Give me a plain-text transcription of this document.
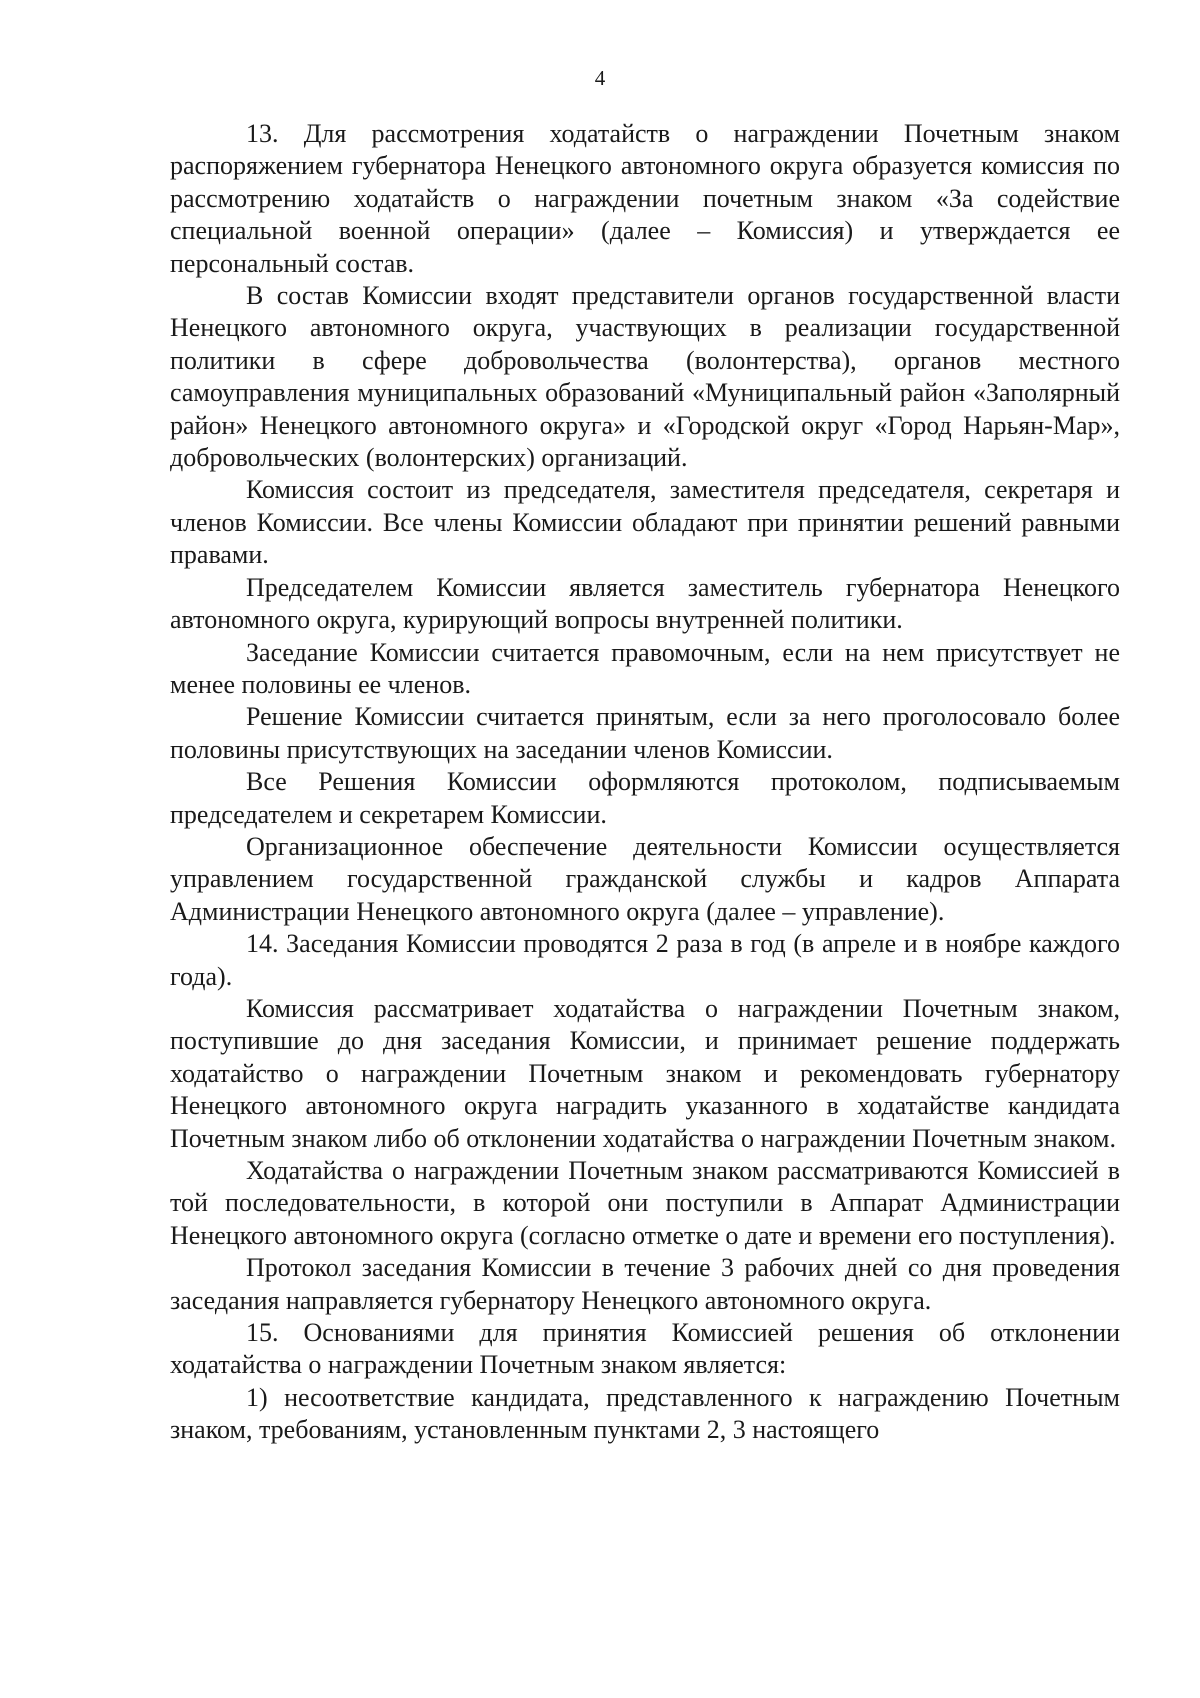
4

13. Для рассмотрения ходатайств о награждении Почетным знаком распоряжением губернатора Ненецкого автономного округа образуется комиссия по рассмотрению ходатайств о награждении почетным знаком «За содействие специальной военной операции» (далее – Комиссия) и утверждается ее персональный состав.

В состав Комиссии входят представители органов государственной власти Ненецкого автономного округа, участвующих в реализации государственной политики в сфере добровольчества (волонтерства), органов местного самоуправления муниципальных образований «Муниципальный район «Заполярный район» Ненецкого автономного округа» и «Городской округ «Город Нарьян-Мар», добровольческих (волонтерских) организаций.

Комиссия состоит из председателя, заместителя председателя, секретаря и членов Комиссии. Все члены Комиссии обладают при принятии решений равными правами.

Председателем Комиссии является заместитель губернатора Ненецкого автономного округа, курирующий вопросы внутренней политики.

Заседание Комиссии считается правомочным, если на нем присутствует не менее половины ее членов.

Решение Комиссии считается принятым, если за него проголосовало более половины присутствующих на заседании членов Комиссии.

Все Решения Комиссии оформляются протоколом, подписываемым председателем и секретарем Комиссии.

Организационное обеспечение деятельности Комиссии осуществляется управлением государственной гражданской службы и кадров Аппарата Администрации Ненецкого автономного округа (далее – управление).

14. Заседания Комиссии проводятся 2 раза в год (в апреле и в ноябре каждого года).

Комиссия рассматривает ходатайства о награждении Почетным знаком, поступившие до дня заседания Комиссии, и принимает решение поддержать ходатайство о награждении Почетным знаком и рекомендовать губернатору Ненецкого автономного округа наградить указанного в ходатайстве кандидата Почетным знаком либо об отклонении ходатайства о награждении Почетным знаком.

Ходатайства о награждении Почетным знаком рассматриваются Комиссией в той последовательности, в которой они поступили в Аппарат Администрации Ненецкого автономного округа (согласно отметке о дате и времени его поступления).

Протокол заседания Комиссии в течение 3 рабочих дней со дня проведения заседания направляется губернатору Ненецкого автономного округа.

15. Основаниями для принятия Комиссией решения об отклонении ходатайства о награждении Почетным знаком является:

1) несоответствие кандидата, представленного к награждению Почетным знаком, требованиям, установленным пунктами 2, 3 настоящего
